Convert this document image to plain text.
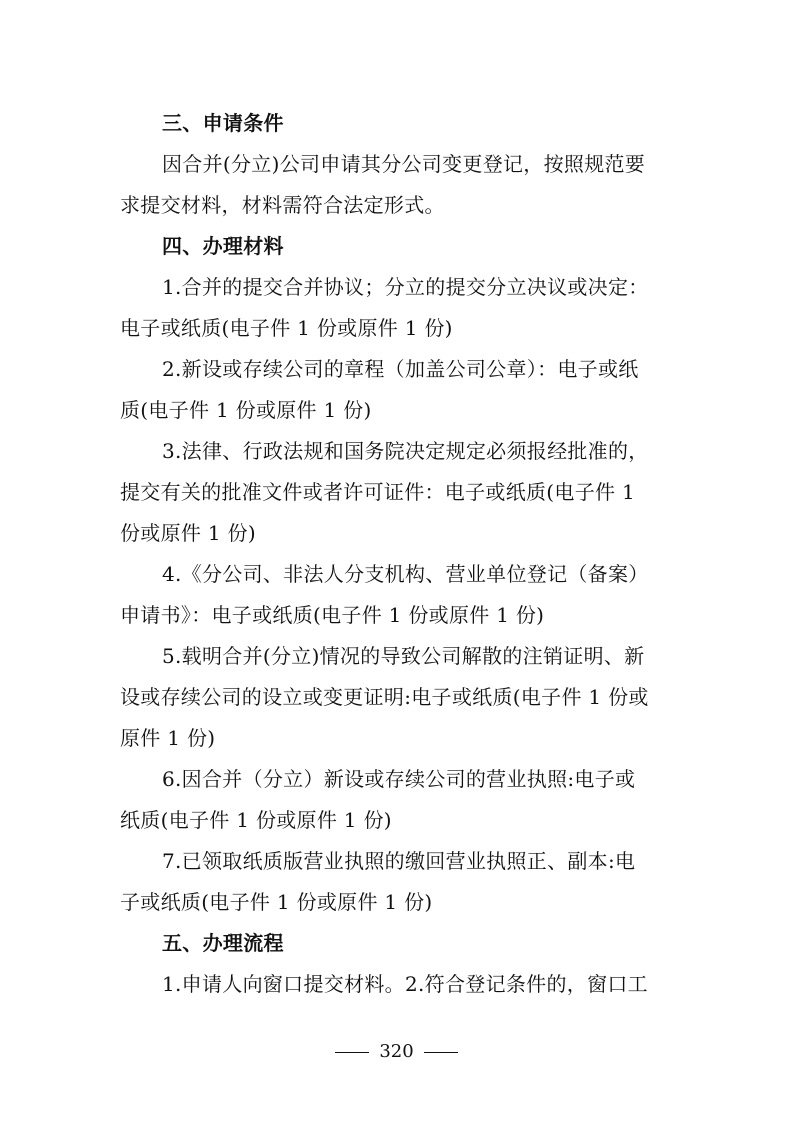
三、申请条件
因合并(分立)公司申请其分公司变更登记，按照规范要
求提交材料，材料需符合法定形式。
四、办理材料
1.合并的提交合并协议；分立的提交分立决议或决定：
电子或纸质(电子件 1 份或原件 1 份)
2.新设或存续公司的章程（加盖公司公章）：电子或纸
质(电子件 1 份或原件 1 份)
3.法律、行政法规和国务院决定规定必须报经批准的，
提交有关的批准文件或者许可证件：电子或纸质(电子件 1
份或原件 1 份)
4.《分公司、非法人分支机构、营业单位登记（备案）
申请书》：电子或纸质(电子件 1 份或原件 1 份)
5.载明合并(分立)情况的导致公司解散的注销证明、新
设或存续公司的设立或变更证明:电子或纸质(电子件 1 份或
原件 1 份)
6.因合并（分立）新设或存续公司的营业执照:电子或
纸质(电子件 1 份或原件 1 份)
7.已领取纸质版营业执照的缴回营业执照正、副本:电
子或纸质(电子件 1 份或原件 1 份)
五、办理流程
1.申请人向窗口提交材料。2.符合登记条件的，窗口工
320
